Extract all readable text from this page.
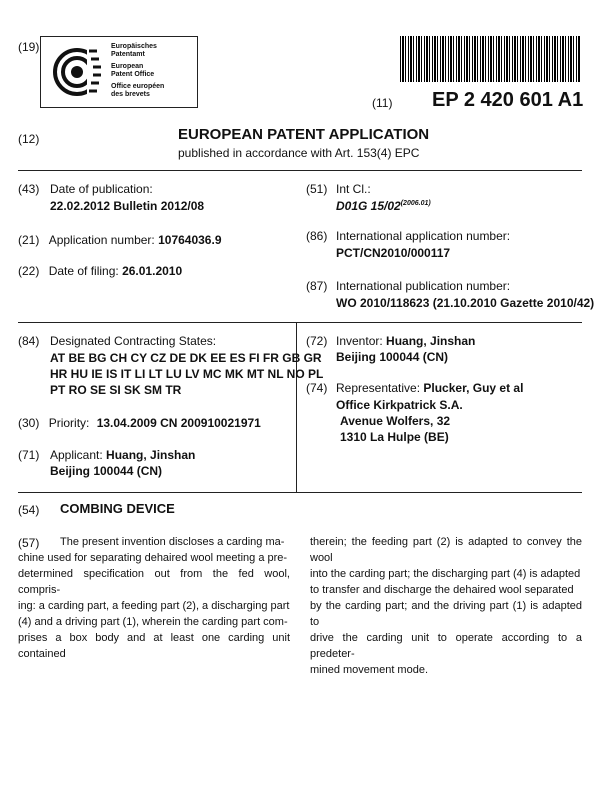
(19)	Europäisches
Patentamt
European
Patent Office
Office européen
des brevets
(11) EP 2 420 601 A1
(12)	EUROPEAN PATENT APPLICATION
published in accordance with Art. 153(4) EPC
(43) Date of publication:
22.02.2012 Bulletin 2012/08
(21) Application number: 10764036.9
(22) Date of filing: 26.01.2010
(51) Int Cl.:
D01G $15/02^{(2006.01)}$
(86) International application number:
PCT/CN2010/000117
(87) International publication number:
WO 2010/118623 (21.10.2010 Gazette 2010/42)
(84) Designated Contracting States:
AT BE BG CH CY CZ DE DK EE ES FI FR GB GR
HR HU IE IS IT LI LT LU LV MC MK MT NL NO PL
PT RO SE SI SK SM TR
(30) Priority: 13.04.2009 CN 200910021971
(71) Applicant: Huang, Jinshan
Beijing 100044 (CN)
(72) Inventor: Huang, Jinshan
Beijing 100044 (CN)
(74) Representative: Plucker, Guy et al
Office Kirkpatrick S.A.
Avenue Wolfers, 32
1310 La Hulpe (BE)
(54) COMBING DEVICE
(57)	The present invention discloses a carding ma-
chine used for separating dehaired wool meeting a pre-
determined specification out from the fed wool, compris-
ing: a carding part, a feeding part (2), a discharging part
(4) and a driving part (1), wherein the carding part com-
prises a box body and at least one carding unit contained
therein; the feeding part (2) is adapted to convey the wool
into the carding part; the discharging part (4) is adapted
to transfer and discharge the dehaired wool separated
by the carding part; and the driving part (1) is adapted to
drive the carding unit to operate according to a predeter-
mined movement mode.
